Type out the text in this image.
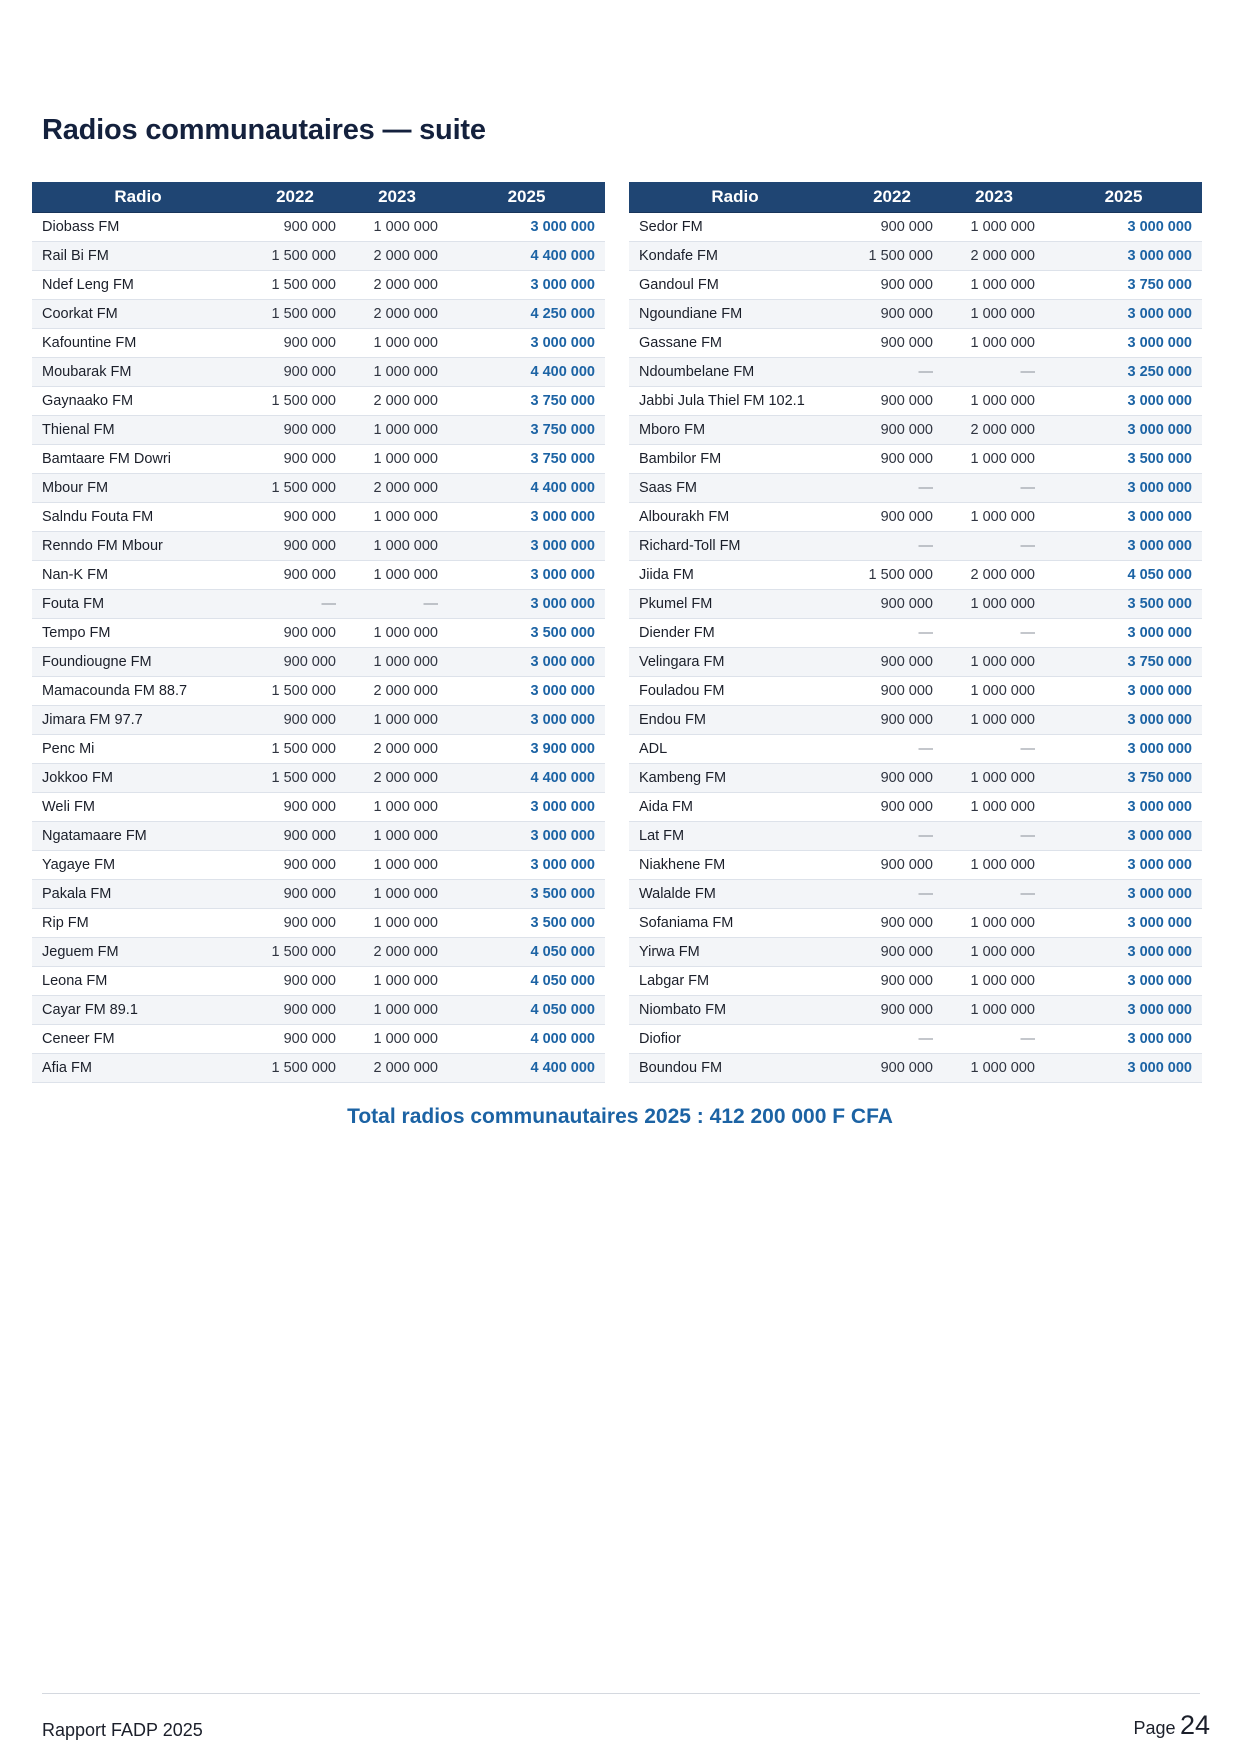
Radios communautaires — suite
Radio	2022	2023	2025
Diobass FM	900 000	1 000 000	3 000 000
Rail Bi FM	1 500 000	2 000 000	4 400 000
Ndef Leng FM	1 500 000	2 000 000	3 000 000
Coorkat FM	1 500 000	2 000 000	4 250 000
Kafountine FM	900 000	1 000 000	3 000 000
Moubarak FM	900 000	1 000 000	4 400 000
Gaynaako FM	1 500 000	2 000 000	3 750 000
Thienal FM	900 000	1 000 000	3 750 000
Bamtaare FM Dowri	900 000	1 000 000	3 750 000
Mbour FM	1 500 000	2 000 000	4 400 000
Salndu Fouta FM	900 000	1 000 000	3 000 000
Renndo FM Mbour	900 000	1 000 000	3 000 000
Nan-K FM	900 000	1 000 000	3 000 000
Fouta FM	—	—	3 000 000
Tempo FM	900 000	1 000 000	3 500 000
Foundiougne FM	900 000	1 000 000	3 000 000
Mamacounda FM 88.7	1 500 000	2 000 000	3 000 000
Jimara FM 97.7	900 000	1 000 000	3 000 000
Penc Mi	1 500 000	2 000 000	3 900 000
Jokkoo FM	1 500 000	2 000 000	4 400 000
Weli FM	900 000	1 000 000	3 000 000
Ngatamaare FM	900 000	1 000 000	3 000 000
Yagaye FM	900 000	1 000 000	3 000 000
Pakala FM	900 000	1 000 000	3 500 000
Rip FM	900 000	1 000 000	3 500 000
Jeguem FM	1 500 000	2 000 000	4 050 000
Leona FM	900 000	1 000 000	4 050 000
Cayar FM 89.1	900 000	1 000 000	4 050 000
Ceneer FM	900 000	1 000 000	4 000 000
Afia FM	1 500 000	2 000 000	4 400 000
Radio	2022	2023	2025
Sedor FM	900 000	1 000 000	3 000 000
Kondafe FM	1 500 000	2 000 000	3 000 000
Gandoul FM	900 000	1 000 000	3 750 000
Ngoundiane FM	900 000	1 000 000	3 000 000
Gassane FM	900 000	1 000 000	3 000 000
Ndoumbelane FM	—	—	3 250 000
Jabbi Jula Thiel FM 102.1	900 000	1 000 000	3 000 000
Mboro FM	900 000	2 000 000	3 000 000
Bambilor FM	900 000	1 000 000	3 500 000
Saas FM	—	—	3 000 000
Albourakh FM	900 000	1 000 000	3 000 000
Richard-Toll FM	—	—	3 000 000
Jiida FM	1 500 000	2 000 000	4 050 000
Pkumel FM	900 000	1 000 000	3 500 000
Diender FM	—	—	3 000 000
Velingara FM	900 000	1 000 000	3 750 000
Fouladou FM	900 000	1 000 000	3 000 000
Endou FM	900 000	1 000 000	3 000 000
ADL	—	—	3 000 000
Kambeng FM	900 000	1 000 000	3 750 000
Aida FM	900 000	1 000 000	3 000 000
Lat FM	—	—	3 000 000
Niakhene FM	900 000	1 000 000	3 000 000
Walalde FM	—	—	3 000 000
Sofaniama FM	900 000	1 000 000	3 000 000
Yirwa FM	900 000	1 000 000	3 000 000
Labgar FM	900 000	1 000 000	3 000 000
Niombato FM	900 000	1 000 000	3 000 000
Diofior	—	—	3 000 000
Boundou FM	900 000	1 000 000	3 000 000
Total radios communautaires 2025 : 412 200 000 F CFA
Rapport FADP 2025	Page 24
